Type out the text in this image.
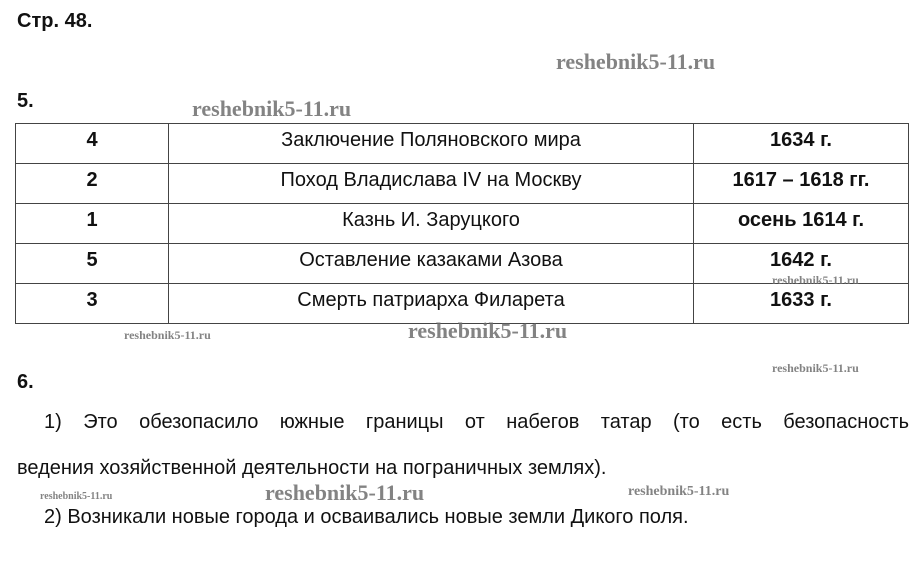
Стр. 48.
5.
4	Заключение Поляновского мира	1634 г.
2	Поход Владислава IV на Москву	1617 – 1618 гг.
1	Казнь И. Заруцкого	осень 1614 г.
5	Оставление казаками Азова	1642 г.
3	Смерть патриарха Филарета	1633 г.
6.
1) Это обезопасило южные границы от набегов татар (то есть безопасность
ведения хозяйственной деятельности на пограничных землях).
2) Возникали новые города и осваивались новые земли Дикого поля.
reshebnik5-11.ru
reshebnik5-11.ru
reshebnik5-11.ru
reshebnik5-11.ru	reshebnik5-11.ru
reshebnik5-11.ru
reshebnik5-11.ru	reshebnik5-11.ru	reshebnik5-11.ru
